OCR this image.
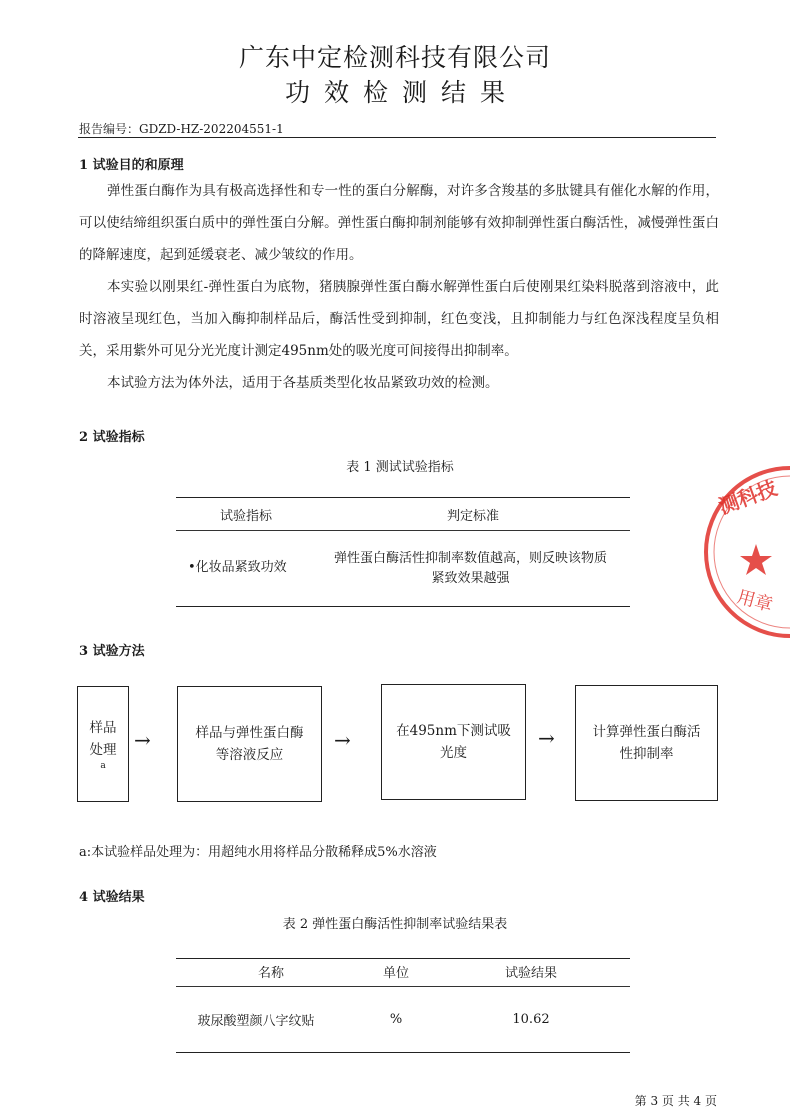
广东中定检测科技有限公司
功效检测结果
报告编号：GDZD-HZ-202204551-1
1 试验目的和原理
弹性蛋白酶作为具有极高选择性和专一性的蛋白分解酶，对许多含羧基的多肽键具有催化水解的作用，可以使结缔组织蛋白质中的弹性蛋白分解。弹性蛋白酶抑制剂能够有效抑制弹性蛋白酶活性，减慢弹性蛋白的降解速度，起到延缓衰老、减少皱纹的作用。
本实验以刚果红-弹性蛋白为底物，猪胰腺弹性蛋白酶水解弹性蛋白后使刚果红染料脱落到溶液中，此时溶液呈现红色，当加入酶抑制样品后，酶活性受到抑制，红色变浅，且抑制能力与红色深浅程度呈负相关，采用紫外可见分光光度计测定495nm处的吸光度可间接得出抑制率。
本试验方法为体外法，适用于各基质类型化妆品紧致功效的检测。
2 试验指标
表 1 测试试验指标
试验指标	判定标准
•化妆品紧致功效
弹性蛋白酶活性抑制率数值越高，则反映该物质
紧致效果越强
3 试验方法
样品
处理
a
→	样品与弹性蛋白酶
等溶液反应
→	在495nm下测试吸
光度
→	计算弹性蛋白酶活
性抑制率
a:本试验样品处理为：用超纯水用将样品分散稀释成5%水溶液
4 试验结果
表 2 弹性蛋白酶活性抑制率试验结果表
名称	单位	试验结果
玻尿酸塑颜八字纹贴	%	10.62
第 3 页 共 4 页
测科技
用章
